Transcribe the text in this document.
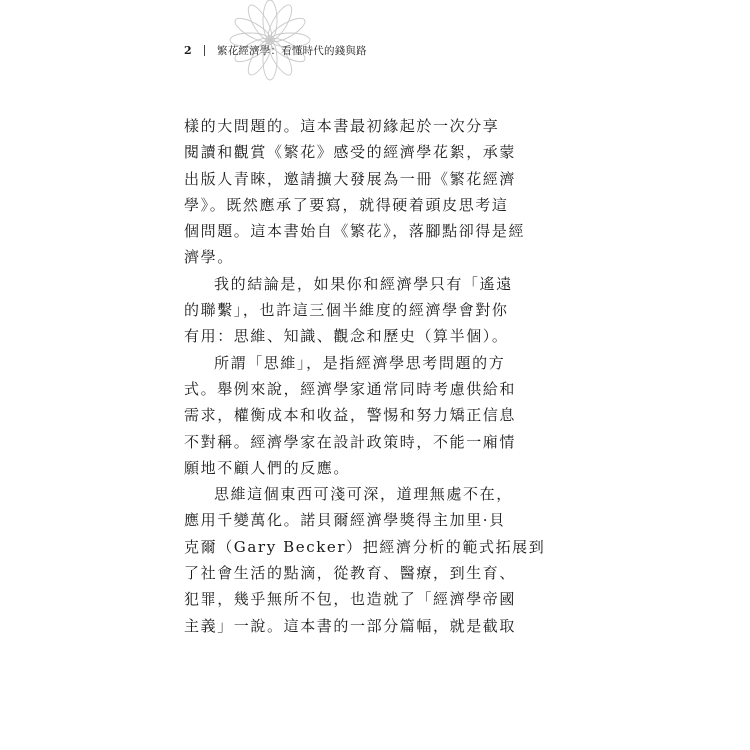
2 繁花經濟學：看懂時代的錢與路
樣的大問題的。這本書最初緣起於一次分享
閱讀和觀賞《繁花》感受的經濟學花絮，承蒙
出版人青睞，邀請擴大發展為一冊《繁花經濟
學》。既然應承了要寫，就得硬着頭皮思考這
個問題。這本書始自《繁花》，落腳點卻得是經
濟學。
我的結論是，如果你和經濟學只有「遙遠
的聯繫」，也許這三個半維度的經濟學會對你
有用：思維、知識、觀念和歷史（算半個）。
所謂「思維」，是指經濟學思考問題的方
式。舉例來說，經濟學家通常同時考慮供給和
需求，權衡成本和收益，警惕和努力矯正信息
不對稱。經濟學家在設計政策時，不能一廂情
願地不顧人們的反應。
思維這個東西可淺可深，道理無處不在，
應用千變萬化。諾貝爾經濟學獎得主加里·貝
克爾（Gary Becker）把經濟分析的範式拓展到
了社會生活的點滴，從教育、醫療，到生育、
犯罪，幾乎無所不包，也造就了「經濟學帝國
主義」一說。這本書的一部分篇幅，就是截取
